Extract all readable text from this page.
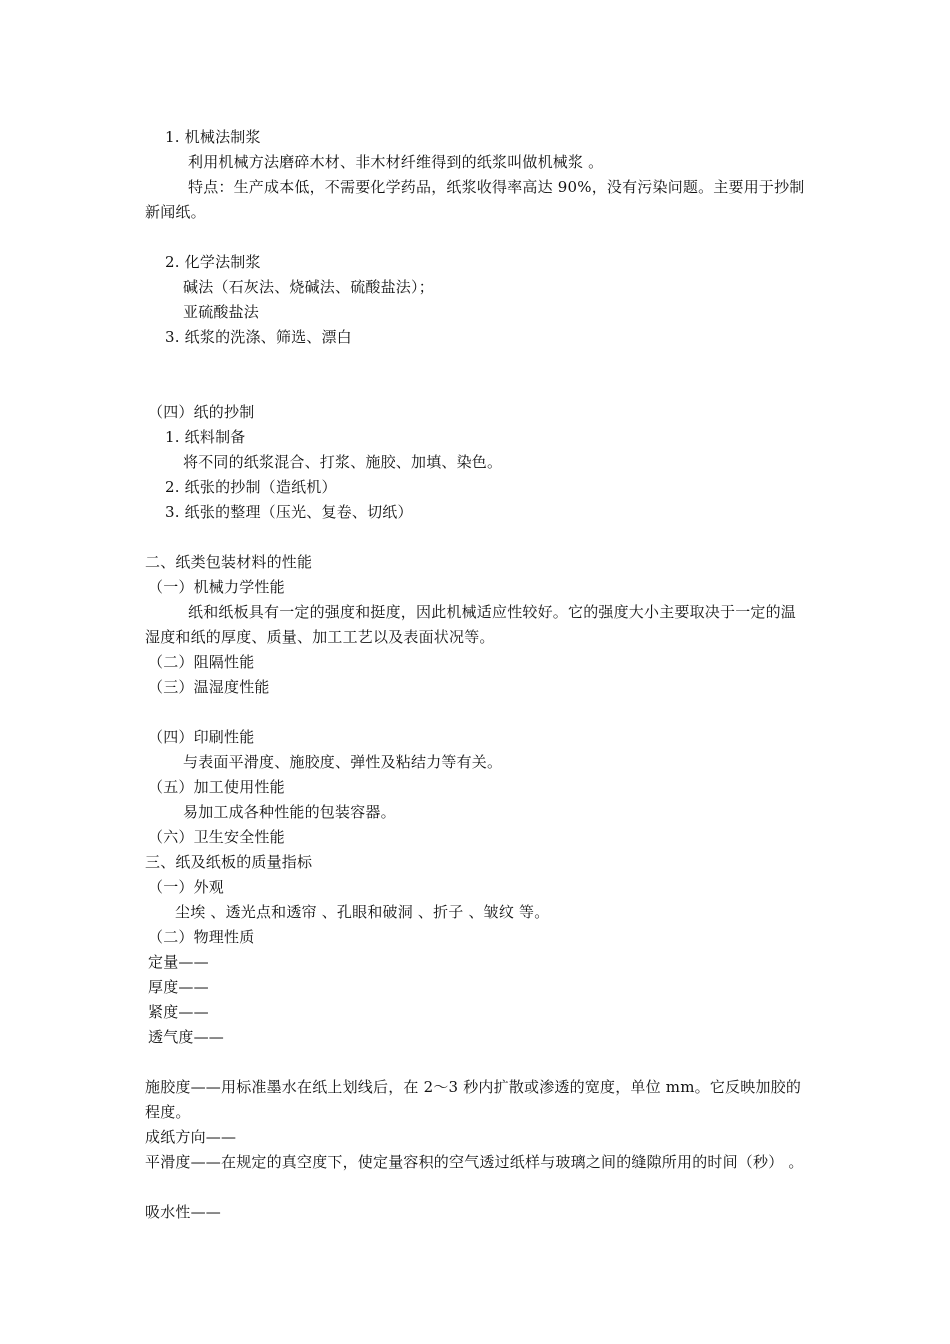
1. 机械法制浆
利用机械方法磨碎木材、非木材纤维得到的纸浆叫做机械浆 。
特点：生产成本低，不需要化学药品，纸浆收得率高达 90%，没有污染问题。主要用于抄制新闻纸。
2. 化学法制浆
碱法（石灰法、烧碱法、硫酸盐法）；
亚硫酸盐法
3. 纸浆的洗涤、筛选、漂白
（四）纸的抄制
1. 纸料制备
将不同的纸浆混合、打浆、施胶、加填、染色。
2. 纸张的抄制（造纸机）
3. 纸张的整理（压光、复卷、切纸）
二、纸类包装材料的性能
（一）机械力学性能
纸和纸板具有一定的强度和挺度，因此机械适应性较好。它的强度大小主要取决于一定的温湿度和纸的厚度、质量、加工工艺以及表面状况等。
（二）阻隔性能
（三）温湿度性能
（四）印刷性能
与表面平滑度、施胶度、弹性及粘结力等有关。
（五）加工使用性能
易加工成各种性能的包装容器。
（六）卫生安全性能
三、纸及纸板的质量指标
（一）外观
尘埃 、透光点和透帘 、孔眼和破洞 、折子 、皱纹 等。
（二）物理性质
定量——
厚度——
紧度——
透气度——
施胶度——用标准墨水在纸上划线后，在 2～3 秒内扩散或渗透的宽度，单位 mm。它反映加胶的程度。
成纸方向——
平滑度——在规定的真空度下，使定量容积的空气透过纸样与玻璃之间的缝隙所用的时间（秒） 。
吸水性——
